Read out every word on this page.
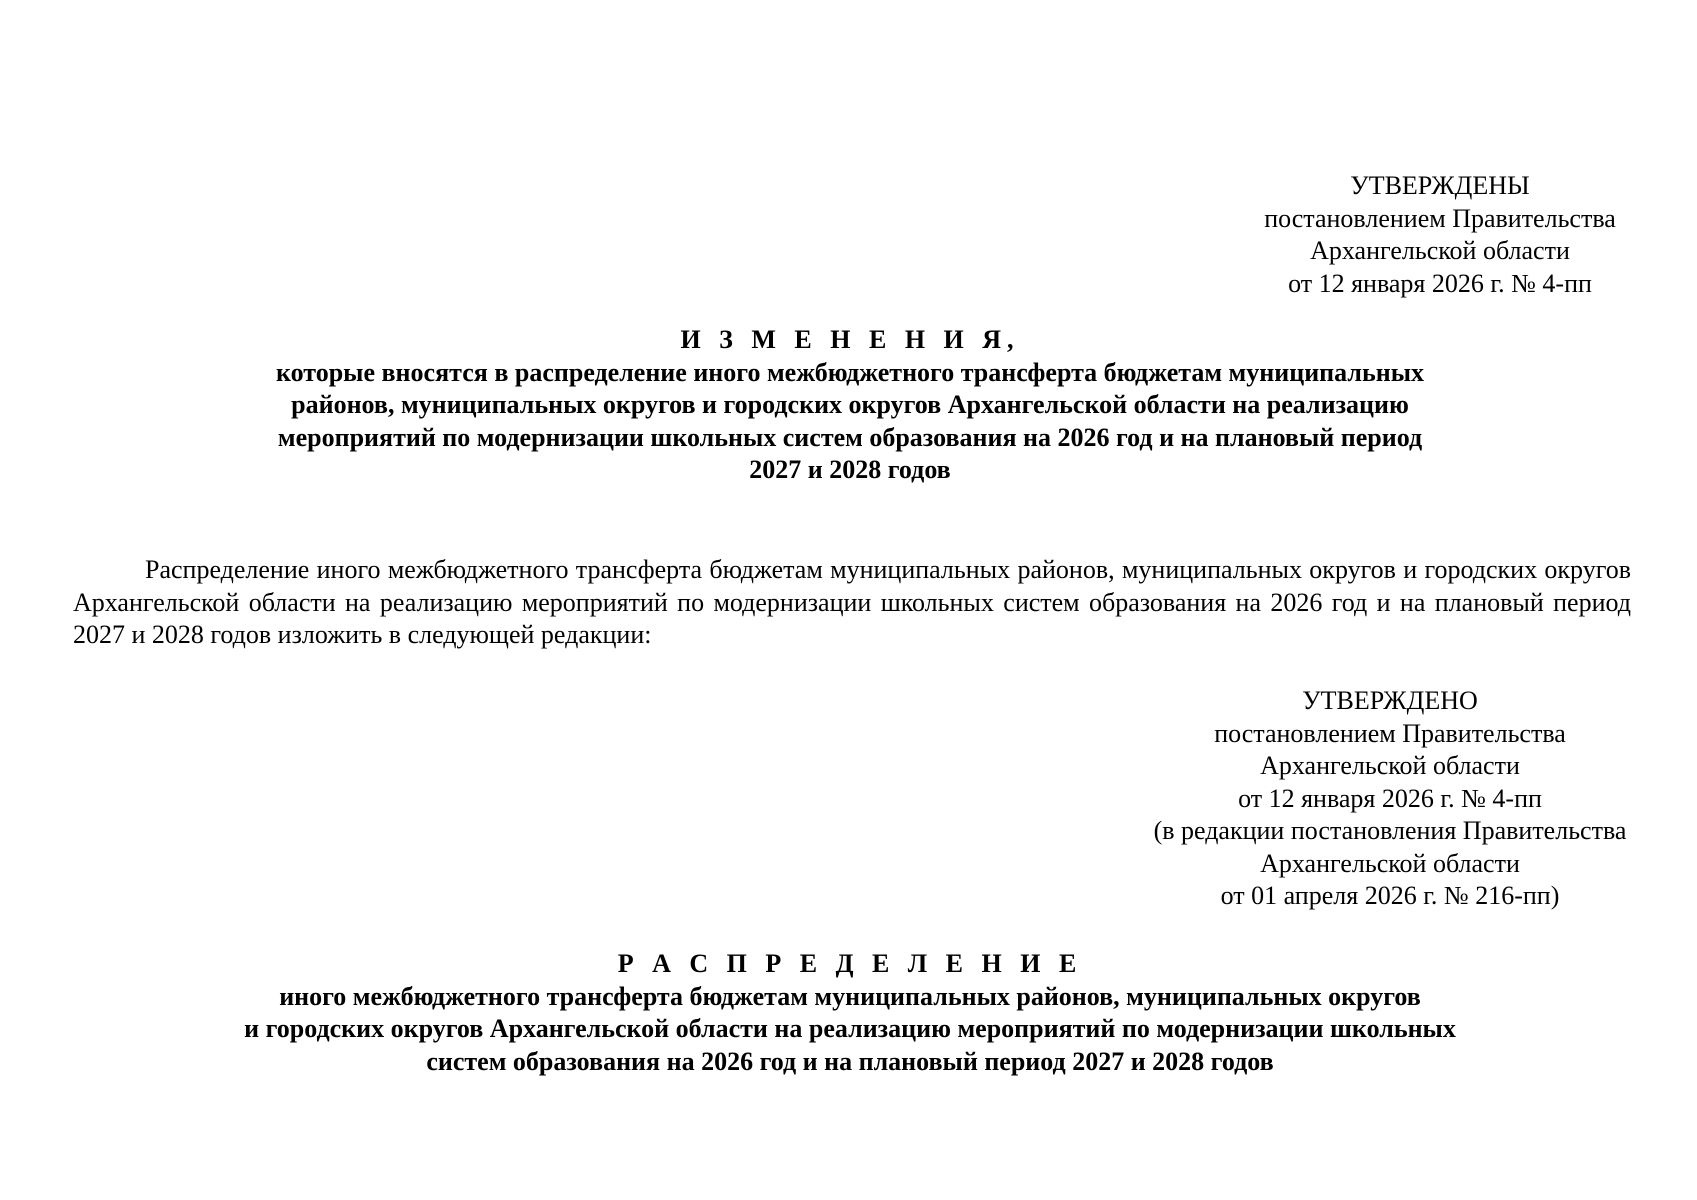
УТВЕРЖДЕНЫ
постановлением Правительства
Архангельской области
от 12 января 2026 г. № 4-пп
И З М Е Н Е Н И Я,
которые вносятся в распределение иного межбюджетного трансферта бюджетам муниципальных
районов, муниципальных округов и городских округов Архангельской области на реализацию
мероприятий по модернизации школьных систем образования на 2026 год и на плановый период
2027 и 2028 годов
Распределение иного межбюджетного трансферта бюджетам муниципальных районов, муниципальных округов и городских округов Архангельской области на реализацию мероприятий по модернизации школьных систем образования на 2026 год и на плановый период 2027 и 2028 годов изложить в следующей редакции:
УТВЕРЖДЕНО
постановлением Правительства
Архангельской области
от 12 января 2026 г. № 4-пп
(в редакции постановления Правительства
Архангельской области
от 01 апреля 2026 г. № 216-пп)
Р А С П Р Е Д Е Л Е Н И Е
иного межбюджетного трансферта бюджетам муниципальных районов, муниципальных округов
и городских округов Архангельской области на реализацию мероприятий по модернизации школьных
систем образования на 2026 год и на плановый период 2027 и 2028 годов
